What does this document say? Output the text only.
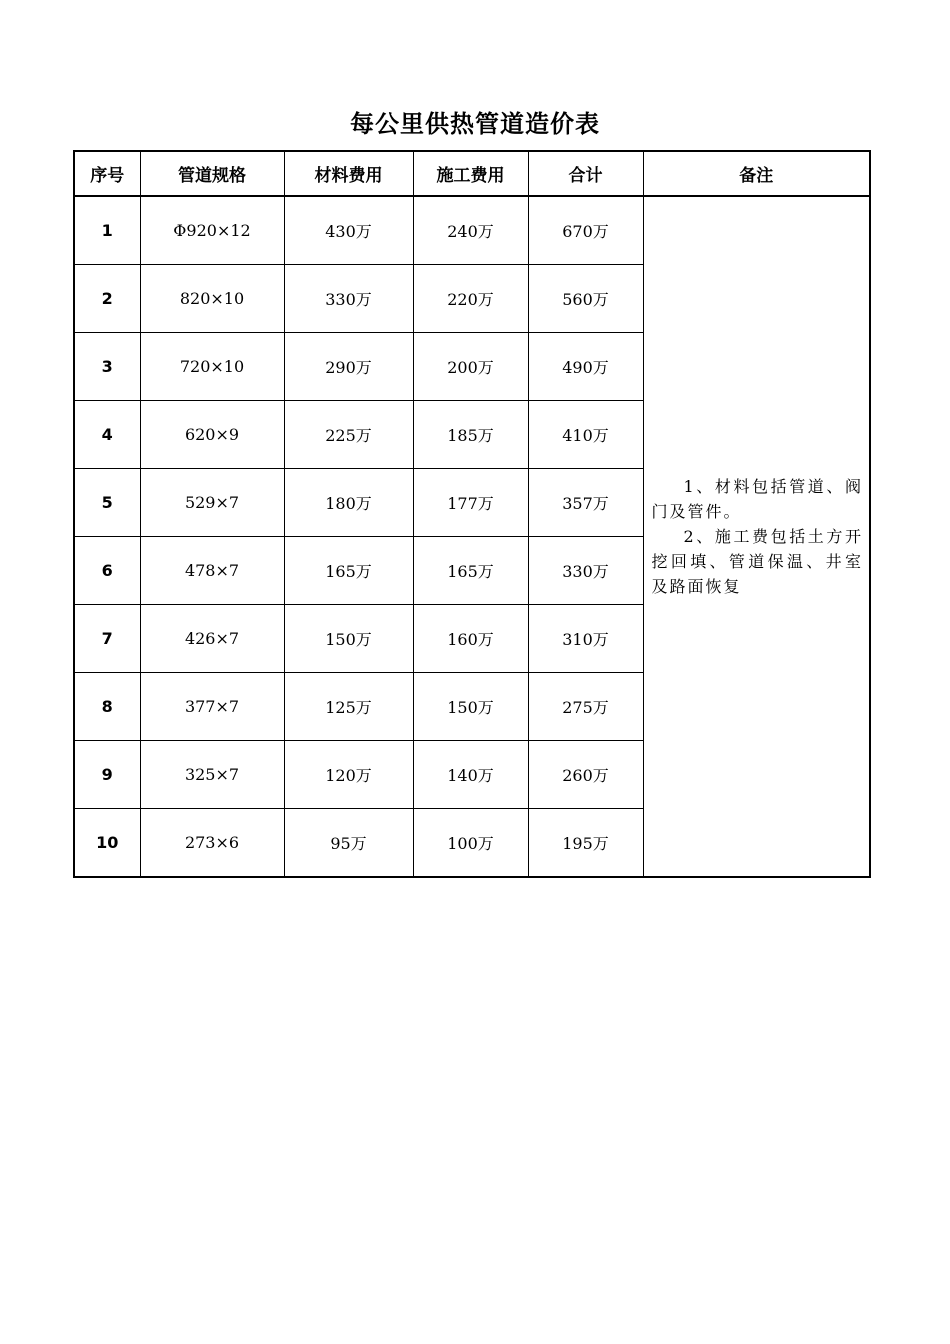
每公里供热管道造价表
序号	管道规格	材料费用	施工费用	合计	备注
1	Φ920×12	430万	240万	670万	1、材料包括管道、阀门及管件。

2、施工费包括土方开挖回填、管道保温、井室及路面恢复

2	820×10	330万	220万	560万	
3	720×10	290万	200万	490万	
4	620×9	225万	185万	410万	
5	529×7	180万	177万	357万	
6	478×7	165万	165万	330万	
7	426×7	150万	160万	310万	
8	377×7	125万	150万	275万	
9	325×7	120万	140万	260万	
10	273×6	95万	100万	195万	
